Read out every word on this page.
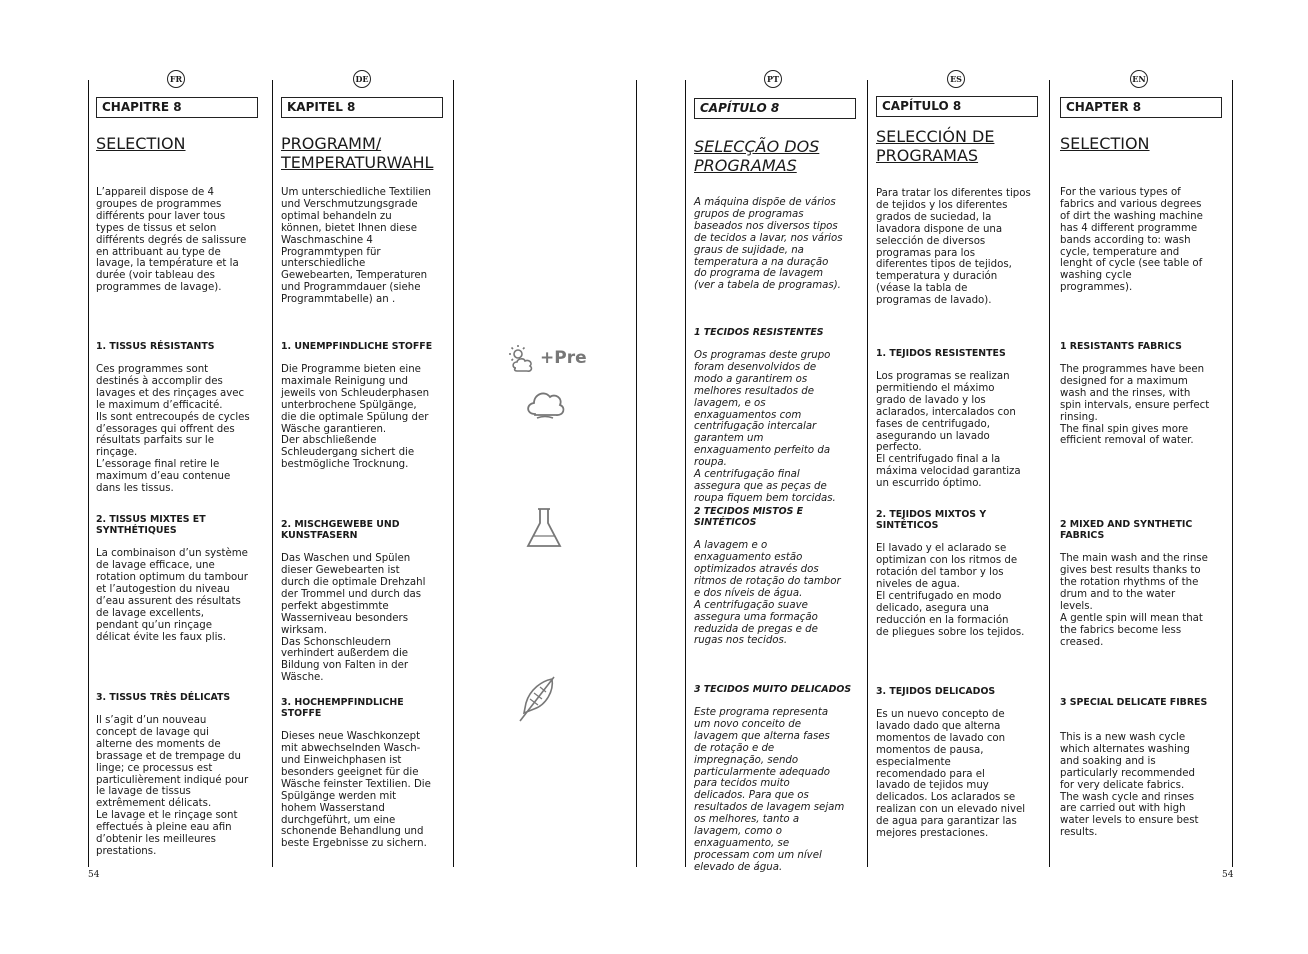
FR	DE	PT	ES	EN
CHAPITRE 8
SELECTION
L’appareil dispose de 4
groupes de programmes
différents pour laver tous
types de tissus et selon
différents degrés de salissure
en attribuant au type de
lavage, la température et la
durée (voir tableau des
programmes de lavage).

1. TISSUS RÉSISTANTS

Ces programmes sont
destinés à accomplir des
lavages et des rinçages avec
le maximum d’efficacité.
Ils sont entrecoupés de cycles
d’essorages qui offrent des
résultats parfaits sur le
rinçage.
L’essorage final retire le
maximum d’eau contenue
dans les tissus.

2. TISSUS MIXTES ET
SYNTHÉTIQUES

La combinaison d’un système
de lavage efficace, une
rotation optimum du tambour
et l’autogestion du niveau
d’eau assurent des résultats
de lavage excellents,
pendant qu’un rinçage
délicat évite les faux plis.

3. TISSUS TRÈS DÉLICATS

Il s’agit d’un nouveau
concept de lavage qui
alterne des moments de
brassage et de trempage du
linge; ce processus est
particulièrement indiqué pour
le lavage de tissus
extrêmement délicats.
Le lavage et le rinçage sont
effectués à pleine eau afin
d’obtenir les meilleures
prestations.

KAPITEL 8
PROGRAMM/
TEMPERATURWAHL
Um unterschiedliche Textilien
und Verschmutzungsgrade
optimal behandeln zu
können, bietet Ihnen diese
Waschmaschine 4
Programmtypen für
unterschiedliche
Gewebearten, Temperaturen
und Programmdauer (siehe
Programmtabelle) an .

1. UNEMPFINDLICHE STOFFE

Die Programme bieten eine
maximale Reinigung und
jeweils von Schleuderphasen
unterbrochene Spülgänge,
die die optimale Spülung der
Wäsche garantieren.
Der abschließende
Schleudergang sichert die
bestmögliche Trocknung.

2. MISCHGEWEBE UND
KUNSTFASERN

Das Waschen und Spülen
dieser Gewebearten ist
durch die optimale Drehzahl
der Trommel und durch das
perfekt abgestimmte
Wasserniveau besonders
wirksam.
Das Schonschleudern
verhindert außerdem die
Bildung von Falten in der
Wäsche.

3. HOCHEMPFINDLICHE
STOFFE

Dieses neue Waschkonzept
mit abwechselnden Wasch-
und Einweichphasen ist
besonders geeignet für die
Wäsche feinster Textilien. Die
Spülgänge werden mit
hohem Wasserstand
durchgeführt, um eine
schonende Behandlung und
beste Ergebnisse zu sichern.

+Pre
CAPÍTULO 8
SELECÇÃO DOS
PROGRAMAS
A máquina dispõe de vários
grupos de programas
baseados nos diversos tipos
de tecidos a lavar, nos vários
graus de sujidade, na
temperatura a na duração
do programa de lavagem
(ver a tabela de programas).

1 TECIDOS RESISTENTES

Os programas deste grupo
foram desenvolvidos de
modo a garantirem os
melhores resultados de
lavagem, e os
enxaguamentos com
centrifugação intercalar
garantem um
enxaguamento perfeito da
roupa.
A centrifugação final
assegura que as peças de
roupa fiquem bem torcidas.

2 TECIDOS MISTOS E
SINTÉTICOS

A lavagem e o
enxaguamento estão
optimizados através dos
ritmos de rotação do tambor
e dos níveis de água.
A centrifugação suave
assegura uma formação
reduzida de pregas e de
rugas nos tecidos.

3 TECIDOS MUITO DELICADOS

Este programa representa
um novo conceito de
lavagem que alterna fases
de rotação e de
impregnação, sendo
particularmente adequado
para tecidos muito
delicados. Para que os
resultados de lavagem sejam
os melhores, tanto a
lavagem, como o
enxaguamento, se
processam com um nível
elevado de água.

CAPÍTULO 8
SELECCIÓN DE
PROGRAMAS
Para tratar los diferentes tipos
de tejidos y los diferentes
grados de suciedad, la
lavadora dispone de una
selección de diversos
programas para los
diferentes tipos de tejidos,
temperatura y duración
(véase la tabla de
programas de lavado).

1. TEJIDOS RESISTENTES

Los programas se realizan
permitiendo el máximo
grado de lavado y los
aclarados, intercalados con
fases de centrifugado,
asegurando un lavado
perfecto.
El centrifugado final a la
máxima velocidad garantiza
un escurrido óptimo.

2. TEJIDOS MIXTOS Y
SINTÉTICOS

El lavado y el aclarado se
optimizan con los ritmos de
rotación del tambor y los
niveles de agua.
El centrifugado en modo
delicado, asegura una
reducción en la formación
de pliegues sobre los tejidos.

3. TEJIDOS DELICADOS

Es un nuevo concepto de
lavado dado que alterna
momentos de lavado con
momentos de pausa,
especialmente
recomendado para el
lavado de tejidos muy
delicados. Los aclarados se
realizan con un elevado nivel
de agua para garantizar las
mejores prestaciones.

CHAPTER 8
SELECTION
For the various types of
fabrics and various degrees
of dirt the washing machine
has 4 different programme
bands according to: wash
cycle, temperature and
lenght of cycle (see table of
washing cycle
programmes).

1 RESISTANTS FABRICS

The programmes have been
designed for a maximum
wash and the rinses, with
spin intervals, ensure perfect
rinsing.
The final spin gives more
efficient removal of water.

2 MIXED AND SYNTHETIC
FABRICS

The main wash and the rinse
gives best results thanks to
the rotation rhythms of the
drum and to the water
levels.
A gentle spin will mean that
the fabrics become less
creased.

3 SPECIAL DELICATE FIBRES

This is a new wash cycle
which alternates washing
and soaking and is
particularly recommended
for very delicate fabrics.
The wash cycle and rinses
are carried out with high
water levels to ensure best
results.

54	54
